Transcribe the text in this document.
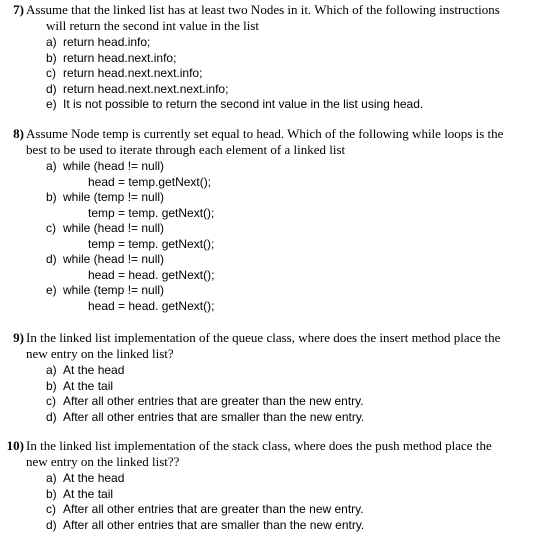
7) Assume that the linked list has at least two Nodes in it. Which of the following instructions
will return the second int value in the list
a) return head.info;
b) return head.next.info;
c) return head.next.next.info;
d) return head.next.next.next.info;
e) It is not possible to return the second int value in the list using head.
8) Assume Node temp is currently set equal to head. Which of the following while loops is the
best to be used to iterate through each element of a linked list
a) while (head != null)
head = temp.getNext();
b) while (temp != null)
temp = temp. getNext();
c) while (head != null)
temp = temp. getNext();
d) while (head != null)
head = head. getNext();
e) while (temp != null)
head = head. getNext();
9) In the linked list implementation of the queue class, where does the insert method place the
new entry on the linked list?
a) At the head
b) At the tail
c) After all other entries that are greater than the new entry.
d) After all other entries that are smaller than the new entry.
10) In the linked list implementation of the stack class, where does the push method place the
new entry on the linked list??
a) At the head
b) At the tail
c) After all other entries that are greater than the new entry.
d) After all other entries that are smaller than the new entry.
